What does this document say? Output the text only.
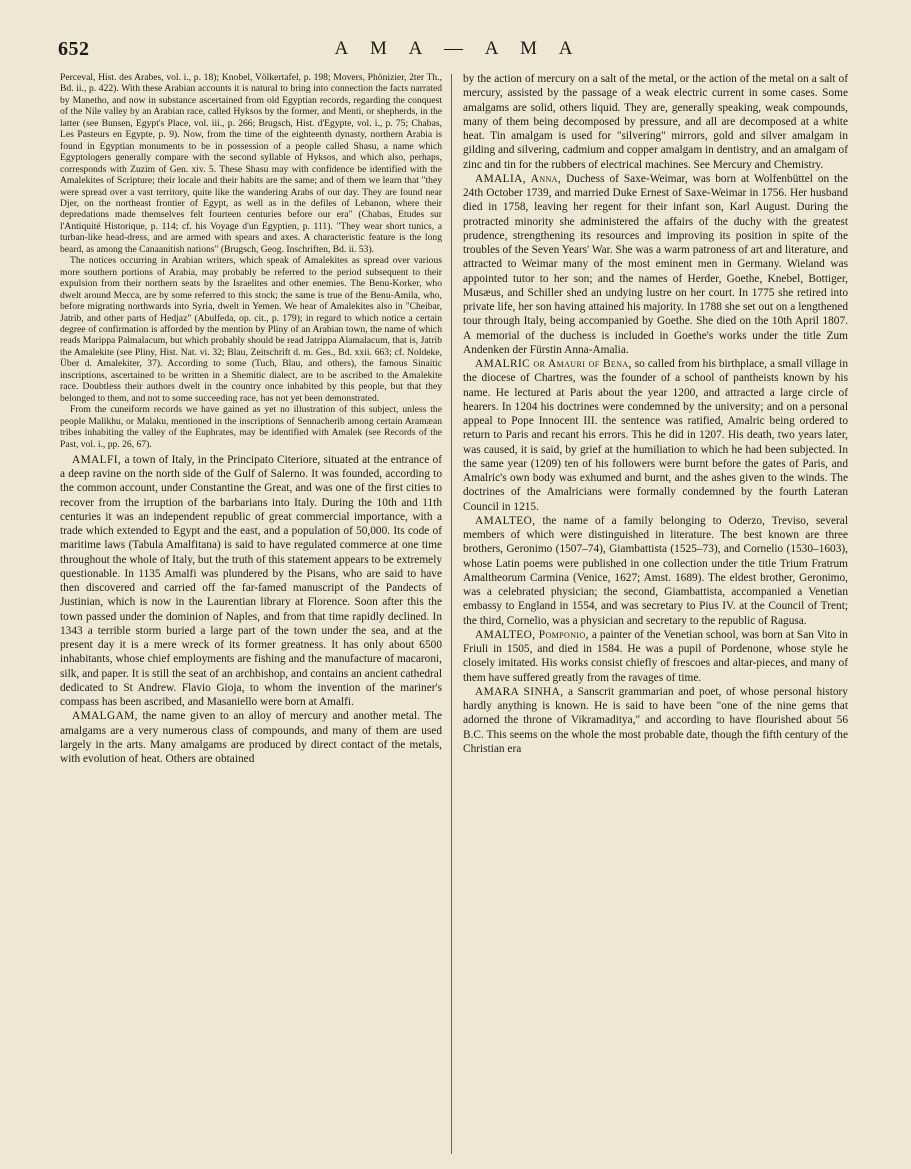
652	A M A — A M A

Perceval, Hist. des Arabes, vol. i., p. 18); Knobel, Völkertafel, p. 198; Movers, Phönizier, 2ter Th., Bd. ii., p. 422). With these Arabian accounts it is natural to bring into connection the facts narrated by Manetho, and now in substance ascertained from old Egyptian records, regarding the conquest of the Nile valley by an Arabian race, called Hyksos by the former, and Menti, or shepherds, in the latter (see Bunsen, Egypt's Place, vol. iii., p. 266; Brugsch, Hist. d'Egypte, vol. i., p. 75; Chabas, Les Pasteurs en Egypte, p. 9). Now, from the time of the eighteenth dynasty, northern Arabia is found in Egyptian monuments to be in possession of a people called Shasu, a name which Egyptologers generally compare with the second syllable of Hyksos, and which also, perhaps, corresponds with Zuzim of Gen. xiv. 5. These Shasu may with confidence be identified with the Amalekites of Scripture; their locale and their habits are the same; and of them we learn that "they were spread over a vast territory, quite like the wandering Arabs of our day. They are found near Djer, on the northeast frontier of Egypt, as well as in the defiles of Lebanon, where their depredations made themselves felt fourteen centuries before our era" (Chabas, Etudes sur l'Antiquité Historique, p. 114; cf. his Voyage d'un Egyptien, p. 111). "They wear short tunics, a turban-like head-dress, and are armed with spears and axes. A characteristic feature is the long beard, as among the Canaanitish nations" (Brugsch, Geog. Inschriften, Bd. ii. 53).

The notices occurring in Arabian writers, which speak of Amalekites as spread over various more southern portions of Arabia, may probably be referred to the period subsequent to their expulsion from their northern seats by the Israelites and other enemies. The Benu-Korker, who dwelt around Mecca, are by some referred to this stock; the same is true of the Benu-Amila, who, before migrating northwards into Syria, dwelt in Yemen. We hear of Amalekites also in "Cheibar, Jatrib, and other parts of Hedjaz" (Abulfeda, op. cit., p. 179); in regard to which notice a certain degree of confirmation is afforded by the mention by Pliny of an Arabian town, the name of which reads Marippa Palmalacum, but which probably should be read Jatrippa Alamalacum, that is, Jatrib the Amalekite (see Pliny, Hist. Nat. vi. 32; Blau, Zeitschrift d. m. Ges., Bd. xxii. 663; cf. Noldeke, Über d. Amalekiter, 37). According to some (Tuch, Blau, and others), the famous Sinaitic inscriptions, ascertained to be written in a Shemitic dialect, are to be ascribed to the Amalekite race. Doubtless their authors dwelt in the country once inhabited by this people, but that they belonged to them, and not to some succeeding race, has not yet been demonstrated.

From the cuneiform records we have gained as yet no illustration of this subject, unless the people Malikhu, or Malaku, mentioned in the inscriptions of Sennacherib among certain Aramæan tribes inhabiting the valley of the Euphrates, may be identified with Amalek (see Records of the Past, vol. i., pp. 26, 67).

AMALFI, a town of Italy, in the Principato Citeriore, situated at the entrance of a deep ravine on the north side of the Gulf of Salerno. It was founded, according to the common account, under Constantine the Great, and was one of the first cities to recover from the irruption of the barbarians into Italy. During the 10th and 11th centuries it was an independent republic of great commercial importance, with a trade which extended to Egypt and the east, and a population of 50,000. Its code of maritime laws (Tabula Amalfitana) is said to have regulated commerce at one time throughout the whole of Italy, but the truth of this statement appears to be extremely questionable. In 1135 Amalfi was plundered by the Pisans, who are said to have then discovered and carried off the far-famed manuscript of the Pandects of Justinian, which is now in the Laurentian library at Florence. Soon after this the town passed under the dominion of Naples, and from that time rapidly declined. In 1343 a terrible storm buried a large part of the town under the sea, and at the present day it is a mere wreck of its former greatness. It has only about 6500 inhabitants, whose chief employments are fishing and the manufacture of macaroni, silk, and paper. It is still the seat of an archbishop, and contains an ancient cathedral dedicated to St Andrew. Flavio Gioja, to whom the invention of the mariner's compass has been ascribed, and Masaniello were born at Amalfi.

AMALGAM, the name given to an alloy of mercury and another metal. The amalgams are a very numerous class of compounds, and many of them are used largely in the arts. Many amalgams are produced by direct contact of the metals, with evolution of heat. Others are obtained

by the action of mercury on a salt of the metal, or the action of the metal on a salt of mercury, assisted by the passage of a weak electric current in some cases. Some amalgams are solid, others liquid. They are, generally speaking, weak compounds, many of them being decomposed by pressure, and all are decomposed at a white heat. Tin amalgam is used for "silvering" mirrors, gold and silver amalgam in gilding and silvering, cadmium and copper amalgam in dentistry, and an amalgam of zinc and tin for the rubbers of electrical machines. See Mercury and Chemistry.

AMALIA, Anna, Duchess of Saxe-Weimar, was born at Wolfenbüttel on the 24th October 1739, and married Duke Ernest of Saxe-Weimar in 1756. Her husband died in 1758, leaving her regent for their infant son, Karl August. During the protracted minority she administered the affairs of the duchy with the greatest prudence, strengthening its resources and improving its position in spite of the troubles of the Seven Years' War. She was a warm patroness of art and literature, and attracted to Weimar many of the most eminent men in Germany. Wieland was appointed tutor to her son; and the names of Herder, Goethe, Knebel, Bottiger, Musæus, and Schiller shed an undying lustre on her court. In 1775 she retired into private life, her son having attained his majority. In 1788 she set out on a lengthened tour through Italy, being accompanied by Goethe. She died on the 10th April 1807. A memorial of the duchess is included in Goethe's works under the title Zum Andenken der Fürstin Anna-Amalia.

AMALRIC or Amauri of Bena, so called from his birthplace, a small village in the diocese of Chartres, was the founder of a school of pantheists known by his name. He lectured at Paris about the year 1200, and attracted a large circle of hearers. In 1204 his doctrines were condemned by the university; and on a personal appeal to Pope Innocent III. the sentence was ratified, Amalric being ordered to return to Paris and recant his errors. This he did in 1207. His death, two years later, was caused, it is said, by grief at the humiliation to which he had been subjected. In the same year (1209) ten of his followers were burnt before the gates of Paris, and Amalric's own body was exhumed and burnt, and the ashes given to the winds. The doctrines of the Amalricians were formally condemned by the fourth Lateran Council in 1215.

AMALTEO, the name of a family belonging to Oderzo, Treviso, several members of which were distinguished in literature. The best known are three brothers, Geronimo (1507–74), Giambattista (1525–73), and Cornelio (1530–1603), whose Latin poems were published in one collection under the title Trium Fratrum Amaltheorum Carmina (Venice, 1627; Amst. 1689). The eldest brother, Geronimo, was a celebrated physician; the second, Giambattista, accompanied a Venetian embassy to England in 1554, and was secretary to Pius IV. at the Council of Trent; the third, Cornelio, was a physician and secretary to the republic of Ragusa.

AMALTEO, Pomponio, a painter of the Venetian school, was born at San Vito in Friuli in 1505, and died in 1584. He was a pupil of Pordenone, whose style he closely imitated. His works consist chiefly of frescoes and altar-pieces, and many of them have suffered greatly from the ravages of time.

AMARA SINHA, a Sanscrit grammarian and poet, of whose personal history hardly anything is known. He is said to have been "one of the nine gems that adorned the throne of Vikramaditya," and according to have flourished about 56 B.C. This seems on the whole the most probable date, though the fifth century of the Christian era
